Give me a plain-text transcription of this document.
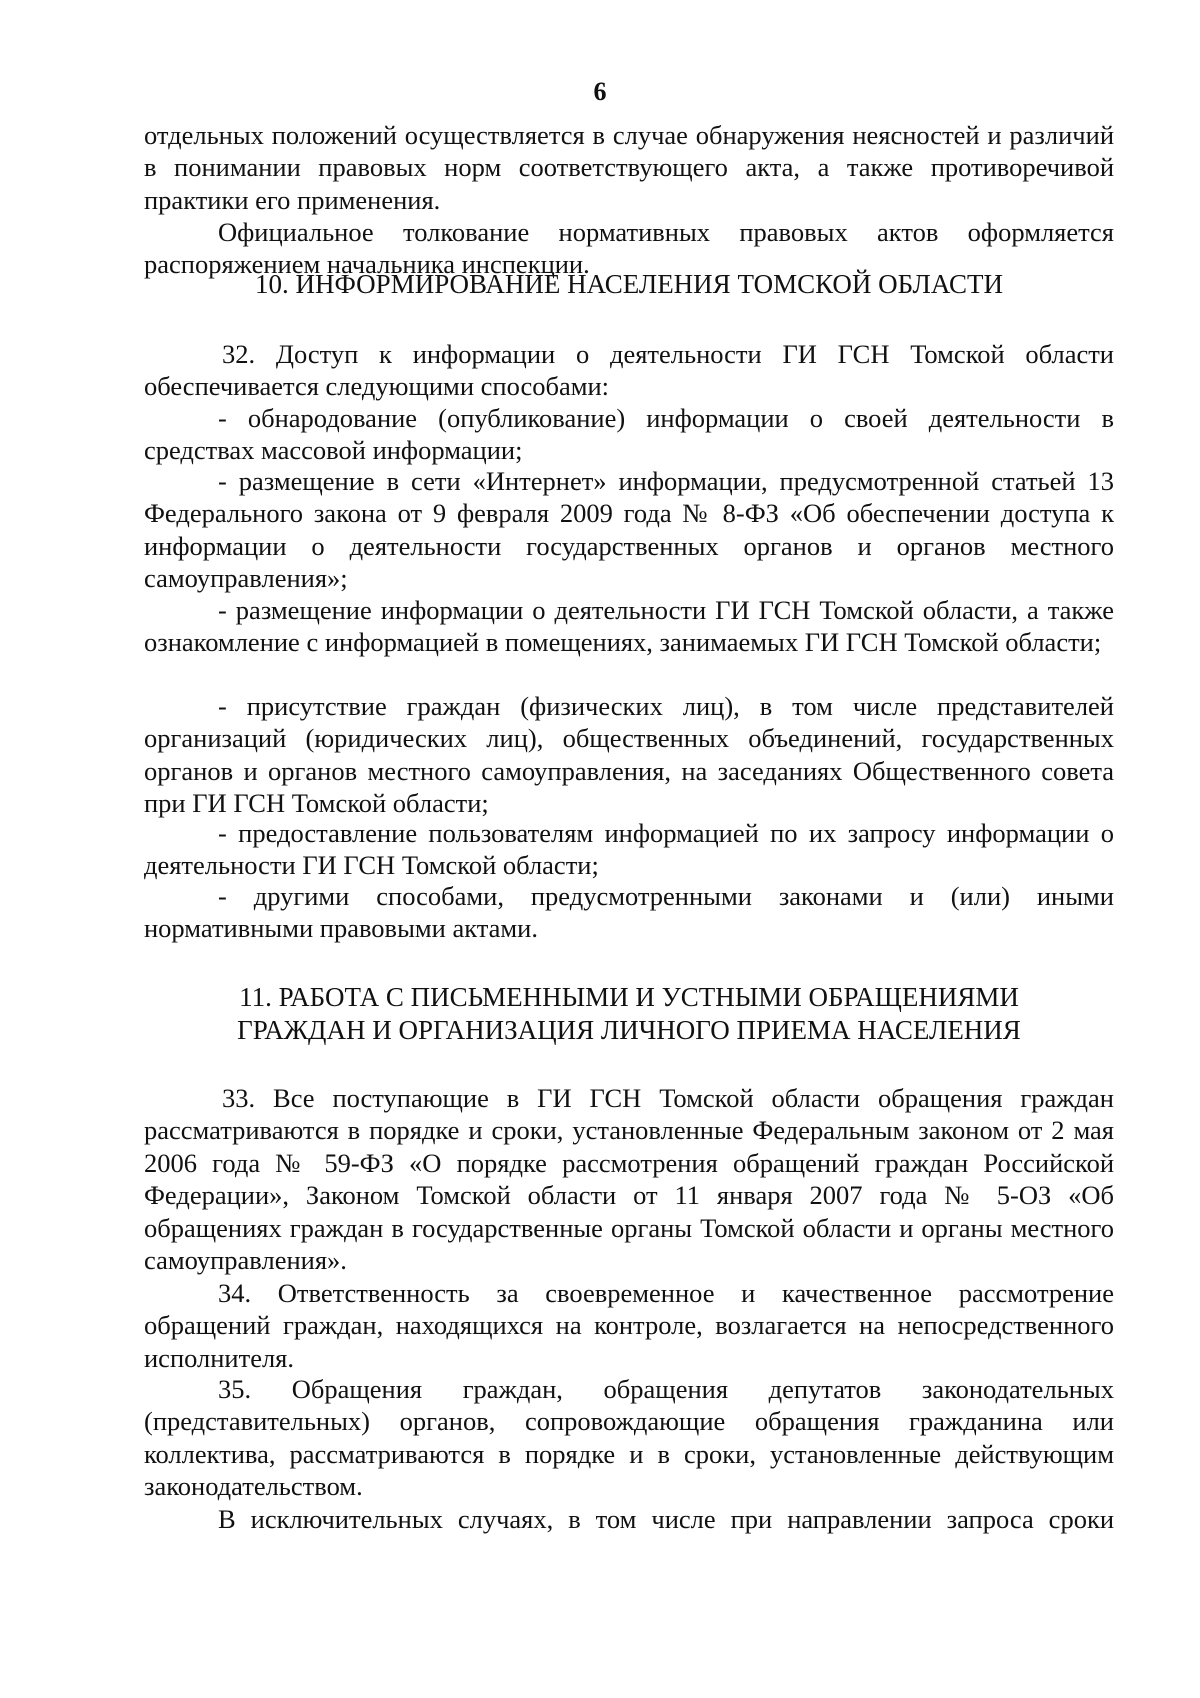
6

отдельных положений осуществляется в случае обнаружения неясностей и различий в понимании правовых норм соответствующего акта, а также противоречивой практики его применения.

Официальное толкование нормативных правовых актов оформляется распоряжением начальника инспекции.

10. ИНФОРМИРОВАНИЕ НАСЕЛЕНИЯ ТОМСКОЙ ОБЛАСТИ

32. Доступ к информации о деятельности ГИ ГСН Томской области обеспечивается следующими способами:

- обнародование (опубликование) информации о своей деятельности в средствах массовой информации;

- размещение в сети «Интернет» информации, предусмотренной статьей 13 Федерального закона от 9 февраля 2009 года № 8-ФЗ «Об обеспечении доступа к информации о деятельности государственных органов и органов местного самоуправления»;

- размещение информации о деятельности ГИ ГСН Томской области, а также ознакомление с информацией в помещениях, занимаемых ГИ ГСН Томской области;

- присутствие граждан (физических лиц), в том числе представителей организаций (юридических лиц), общественных объединений, государственных органов и органов местного самоуправления, на заседаниях Общественного совета при ГИ ГСН Томской области;

- предоставление пользователям информацией по их запросу информации о деятельности ГИ ГСН Томской области;

- другими способами, предусмотренными законами и (или) иными нормативными правовыми актами.

11. РАБОТА С ПИСЬМЕННЫМИ И УСТНЫМИ ОБРАЩЕНИЯМИ
ГРАЖДАН И ОРГАНИЗАЦИЯ ЛИЧНОГО ПРИЕМА НАСЕЛЕНИЯ

33. Все поступающие в ГИ ГСН Томской области обращения граждан рассматриваются в порядке и сроки, установленные Федеральным законом от 2 мая 2006 года № 59-ФЗ «О порядке рассмотрения обращений граждан Российской Федерации», Законом Томской области от 11 января 2007 года № 5-ОЗ «Об обращениях граждан в государственные органы Томской области и органы местного самоуправления».

34. Ответственность за своевременное и качественное рассмотрение обращений граждан, находящихся на контроле, возлагается на непосредственного исполнителя.

35. Обращения граждан, обращения депутатов законодательных (представительных) органов, сопровождающие обращения гражданина или коллектива, рассматриваются в порядке и в сроки, установленные действующим законодательством.

В исключительных случаях, в том числе при направлении запроса сроки
